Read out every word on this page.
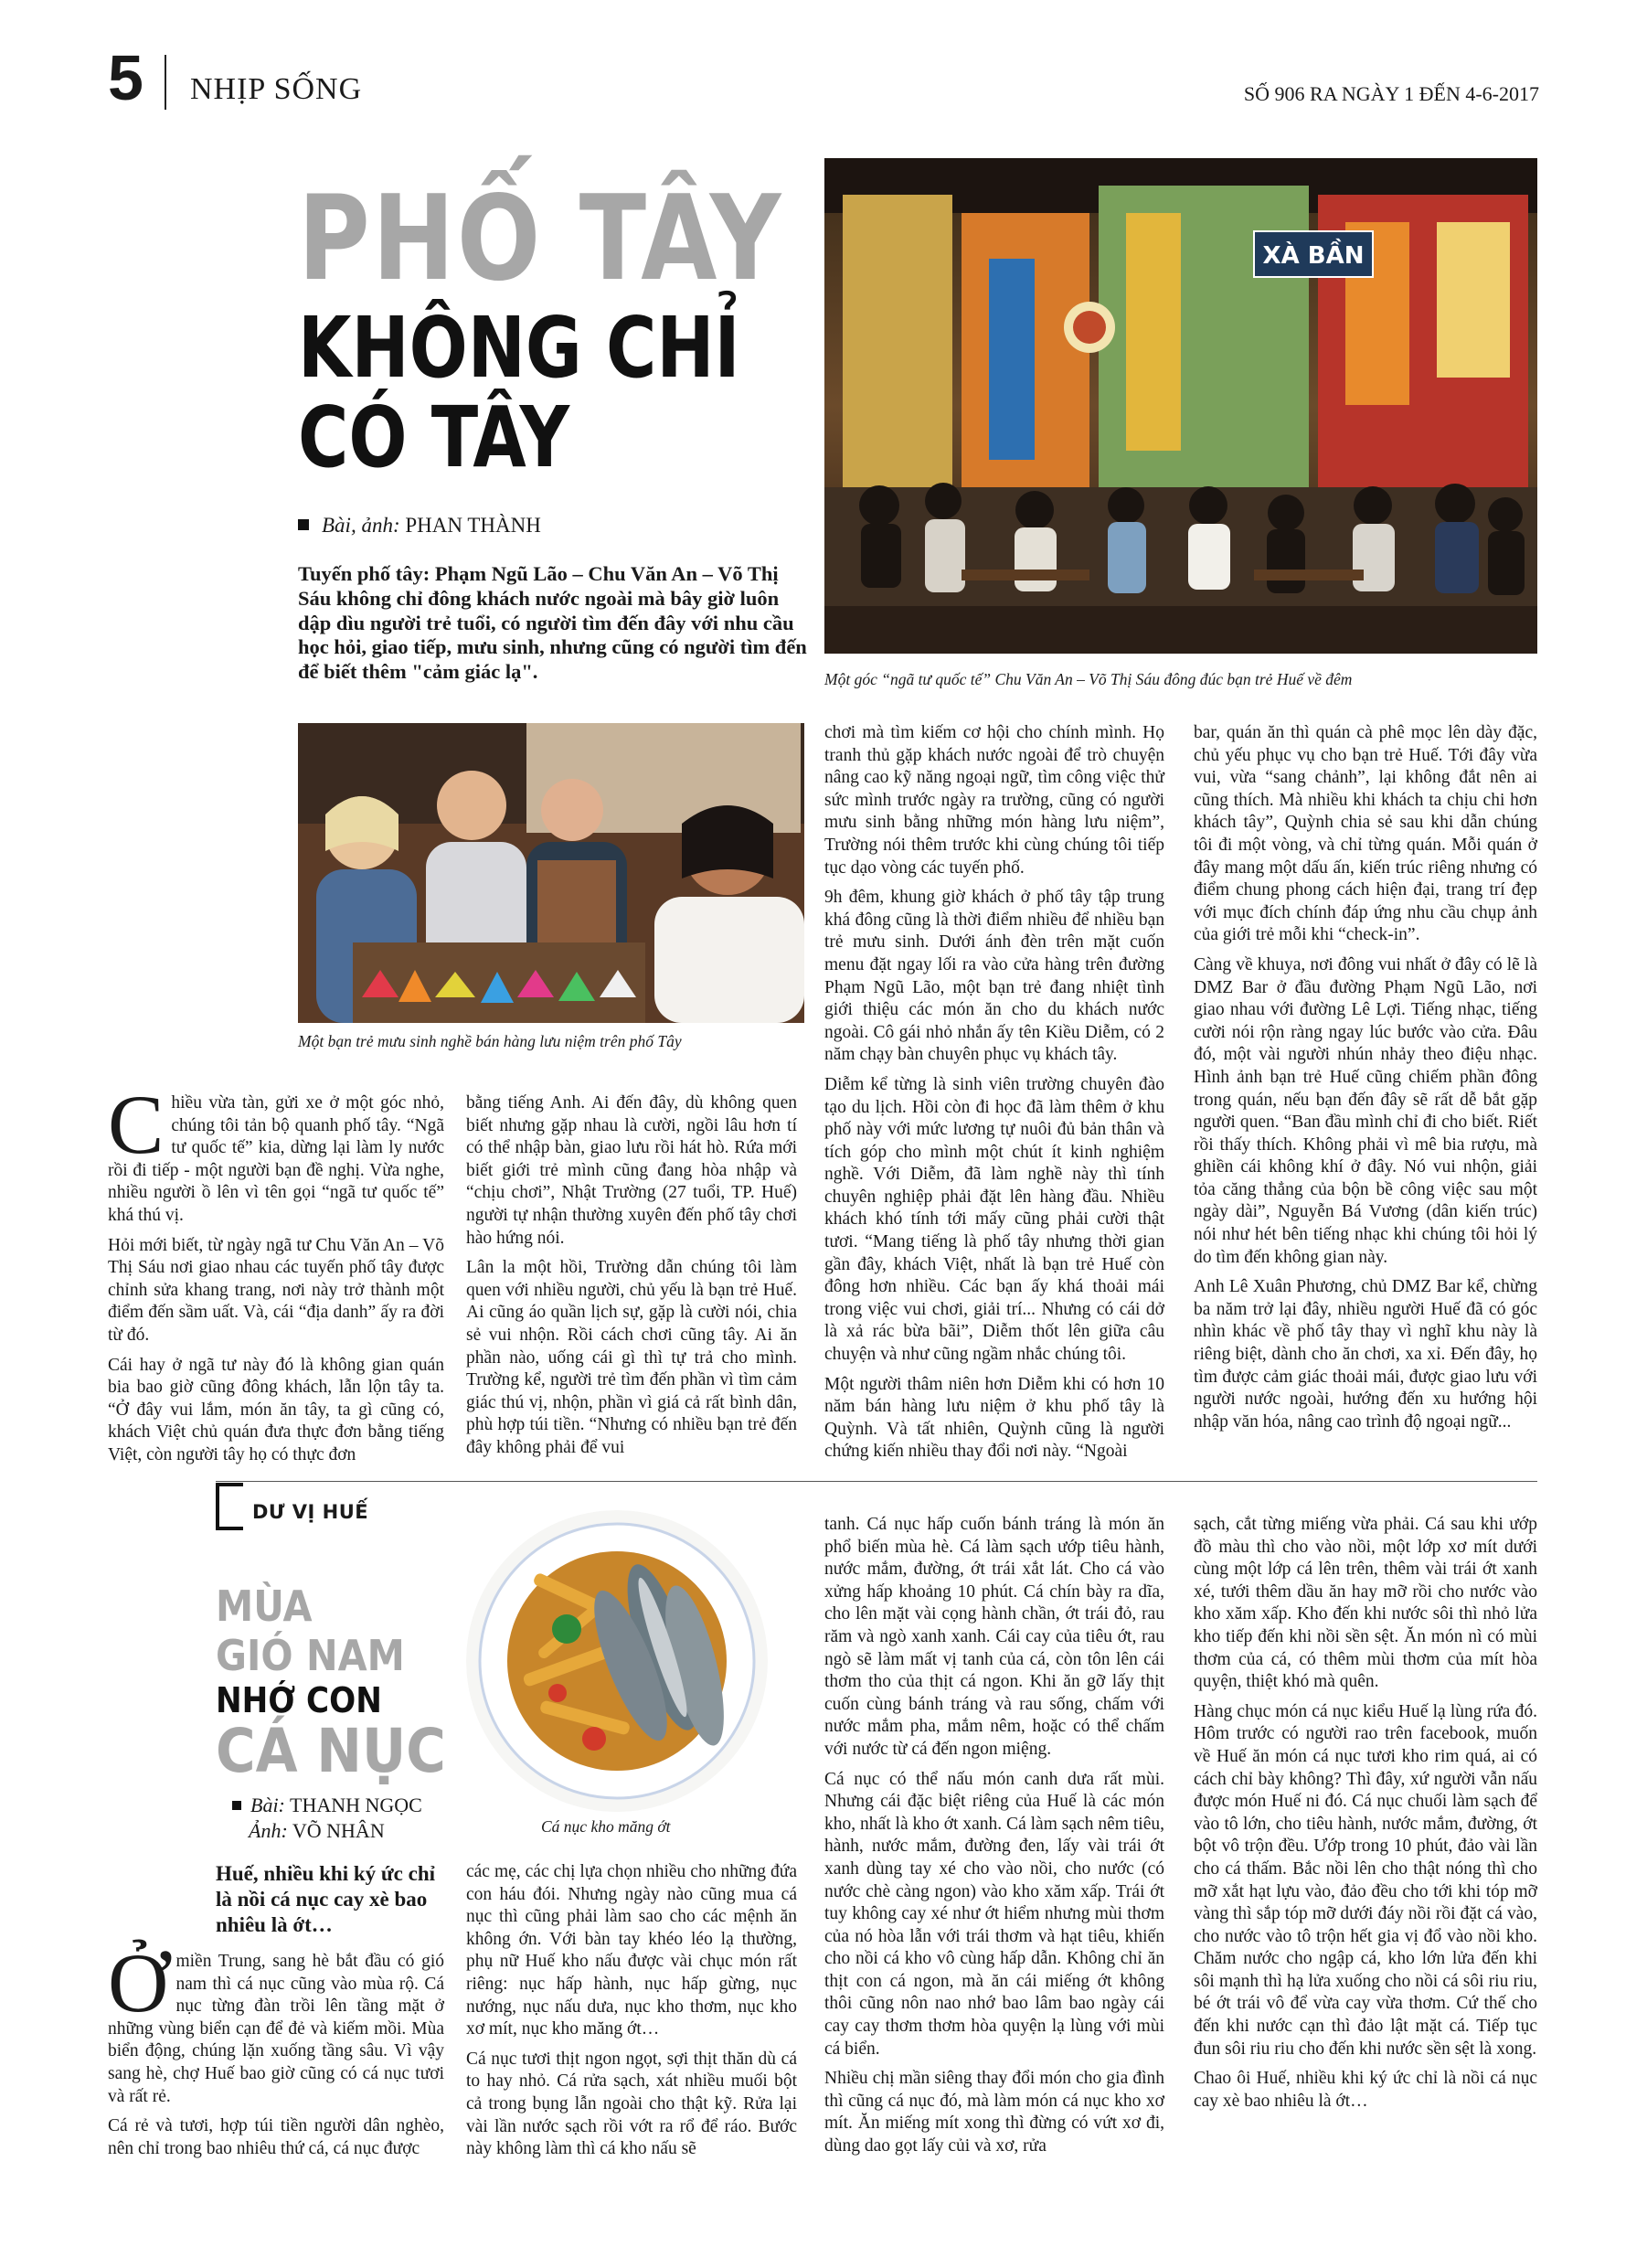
5 NHỊP SỐNG	SỐ 906 RA NGÀY 1 ĐẾN 4-6-2017
PHỐ TÂY
KHÔNG CHỈ
CÓ TÂY
Bài, ảnh: PHAN THÀNH
Tuyến phố tây: Phạm Ngũ Lão – Chu Văn An – Võ Thị Sáu không chỉ đông khách nước ngoài mà bây giờ luôn dập dìu người trẻ tuổi, có người tìm đến đây với nhu cầu học hỏi, giao tiếp, mưu sinh, nhưng cũng có người tìm đến để biết thêm "cảm giác lạ".
XÀ BẦN
Một góc “ngã tư quốc tế” Chu Văn An – Võ Thị Sáu đông đúc bạn trẻ Huế về đêm
Một bạn trẻ mưu sinh nghề bán hàng lưu niệm trên phố Tây

Chiều vừa tàn, gửi xe ở một góc nhỏ, chúng tôi tản bộ quanh phố tây. “Ngã tư quốc tế” kia, dừng lại làm ly nước rồi đi tiếp - một người bạn đề nghị. Vừa nghe, nhiều người ồ lên vì tên gọi “ngã tư quốc tế” khá thú vị.

Hỏi mới biết, từ ngày ngã tư Chu Văn An – Võ Thị Sáu nơi giao nhau các tuyến phố tây được chỉnh sửa khang trang, nơi này trở thành một điểm đến sầm uất. Và, cái “địa danh” ấy ra đời từ đó.

Cái hay ở ngã tư này đó là không gian quán bia bao giờ cũng đông khách, lẫn lộn tây ta. “Ở đây vui lắm, món ăn tây, ta gì cũng có, khách Việt chủ quán đưa thực đơn bằng tiếng Việt, còn người tây họ có thực đơn

bằng tiếng Anh. Ai đến đây, dù không quen biết nhưng gặp nhau là cười, ngồi lâu hơn tí có thể nhập bàn, giao lưu rồi hát hò. Rứa mới biết giới trẻ mình cũng đang hòa nhập và “chịu chơi”, Nhật Trường (27 tuổi, TP. Huế) người tự nhận thường xuyên đến phố tây chơi hào hứng nói.

Lân la một hồi, Trường dẫn chúng tôi làm quen với nhiều người, chủ yếu là bạn trẻ Huế. Ai cũng áo quần lịch sự, gặp là cười nói, chia sẻ vui nhộn. Rồi cách chơi cũng tây. Ai ăn phần nào, uống cái gì thì tự trả cho mình. Trường kể, người trẻ tìm đến phần vì tìm cảm giác thú vị, nhộn, phần vì giá cả rất bình dân, phù hợp túi tiền. “Nhưng có nhiều bạn trẻ đến đây không phải để vui

chơi mà tìm kiếm cơ hội cho chính mình. Họ tranh thủ gặp khách nước ngoài để trò chuyện nâng cao kỹ năng ngoại ngữ, tìm công việc thử sức mình trước ngày ra trường, cũng có người mưu sinh bằng những món hàng lưu niệm”, Trường nói thêm trước khi cùng chúng tôi tiếp tục dạo vòng các tuyến phố.

9h đêm, khung giờ khách ở phố tây tập trung khá đông cũng là thời điểm nhiều để nhiều bạn trẻ mưu sinh. Dưới ánh đèn trên mặt cuốn menu đặt ngay lối ra vào cửa hàng trên đường Phạm Ngũ Lão, một bạn trẻ đang nhiệt tình giới thiệu các món ăn cho du khách nước ngoài. Cô gái nhỏ nhắn ấy tên Kiều Diễm, có 2 năm chạy bàn chuyên phục vụ khách tây.

Diễm kể từng là sinh viên trường chuyên đào tạo du lịch. Hồi còn đi học đã làm thêm ở khu phố này với mức lương tự nuôi đủ bản thân và tích góp cho mình một chút ít kinh nghiệm nghề. Với Diễm, đã làm nghề này thì tính chuyên nghiệp phải đặt lên hàng đầu. Nhiều khách khó tính tới mấy cũng phải cười thật tươi. “Mang tiếng là phố tây nhưng thời gian gần đây, khách Việt, nhất là bạn trẻ Huế còn đông hơn nhiều. Các bạn ấy khá thoải mái trong việc vui chơi, giải trí... Nhưng có cái dở là xả rác bừa bãi”, Diễm thốt lên giữa câu chuyện và như cũng ngầm nhắc chúng tôi.

Một người thâm niên hơn Diễm khi có hơn 10 năm bán hàng lưu niệm ở khu phố tây là Quỳnh. Và tất nhiên, Quỳnh cũng là người chứng kiến nhiều thay đổi nơi này. “Ngoài

bar, quán ăn thì quán cà phê mọc lên dày đặc, chủ yếu phục vụ cho bạn trẻ Huế. Tới đây vừa vui, vừa “sang chảnh”, lại không đắt nên ai cũng thích. Mà nhiều khi khách ta chịu chi hơn khách tây”, Quỳnh chia sẻ sau khi dẫn chúng tôi đi một vòng, và chỉ từng quán. Mỗi quán ở đây mang một dấu ấn, kiến trúc riêng nhưng có điểm chung phong cách hiện đại, trang trí đẹp với mục đích chính đáp ứng nhu cầu chụp ảnh của giới trẻ mỗi khi “check-in”.

Càng về khuya, nơi đông vui nhất ở đây có lẽ là DMZ Bar ở đầu đường Phạm Ngũ Lão, nơi giao nhau với đường Lê Lợi. Tiếng nhạc, tiếng cười nói rộn ràng ngay lúc bước vào cửa. Đâu đó, một vài người nhún nhảy theo điệu nhạc. Hình ảnh bạn trẻ Huế cũng chiếm phần đông trong quán, nếu bạn đến đây sẽ rất dễ bắt gặp người quen. “Ban đầu mình chỉ đi cho biết. Riết rồi thấy thích. Không phải vì mê bia rượu, mà ghiền cái không khí ở đây. Nó vui nhộn, giải tỏa căng thẳng của bộn bề công việc sau một ngày dài”, Nguyễn Bá Vương (dân kiến trúc) nói như hét bên tiếng nhạc khi chúng tôi hỏi lý do tìm đến không gian này.

Anh Lê Xuân Phương, chủ DMZ Bar kể, chừng ba năm trở lại đây, nhiều người Huế đã có góc nhìn khác về phố tây thay vì nghĩ khu này là riêng biệt, dành cho ăn chơi, xa xỉ. Đến đây, họ tìm được cảm giác thoải mái, được giao lưu với người nước ngoài, hướng đến xu hướng hội nhập văn hóa, nâng cao trình độ ngoại ngữ...

DƯ VỊ HUẾ
MÙA
GIÓ NAM
NHỚ CON
CÁ NỤC
Bài: THANH NGỌC
Ảnh: VÕ NHÂN
Huế, nhiều khi ký ức chỉ là nồi cá nục cay xè bao nhiêu là ớt…
Cá nục kho măng ớt

Ởmiền Trung, sang hè bắt đầu có gió nam thì cá nục cũng vào mùa rộ. Cá nục từng đàn trồi lên tầng mặt ở những vùng biển cạn để đẻ và kiếm mồi. Mùa biển động, chúng lặn xuống tầng sâu. Vì vậy sang hè, chợ Huế bao giờ cũng có cá nục tươi và rất rẻ.

Cá rẻ và tươi, hợp túi tiền người dân nghèo, nên chỉ trong bao nhiêu thứ cá, cá nục được

các mẹ, các chị lựa chọn nhiều cho những đứa con háu đói. Nhưng ngày nào cũng mua cá nục thì cũng phải làm sao cho các mệnh ăn không ớn. Với bàn tay khéo léo lạ thường, phụ nữ Huế kho nấu được vài chục món rất riêng: nục hấp hành, nục hấp gừng, nục nướng, nục nấu dưa, nục kho thơm, nục kho xơ mít, nục kho măng ớt…

Cá nục tươi thịt ngon ngọt, sợi thịt thăn dù cá to hay nhỏ. Cá rửa sạch, xát nhiều muối bột cả trong bụng lẫn ngoài cho thật kỹ. Rửa lại vài lần nước sạch rồi vớt ra rổ để ráo. Bước này không làm thì cá kho nấu sẽ

tanh. Cá nục hấp cuốn bánh tráng là món ăn phổ biến mùa hè. Cá làm sạch ướp tiêu hành, nước mắm, đường, ớt trái xắt lát. Cho cá vào xửng hấp khoảng 10 phút. Cá chín bày ra dĩa, cho lên mặt vài cọng hành chần, ớt trái đỏ, rau răm và ngò xanh xanh. Cái cay của tiêu ớt, rau ngò sẽ làm mất vị tanh của cá, còn tôn lên cái thơm tho của thịt cá ngon. Khi ăn gỡ lấy thịt cuốn cùng bánh tráng và rau sống, chấm với nước mắm pha, mắm nêm, hoặc có thể chấm với nước từ cá đến ngon miệng.

Cá nục có thể nấu món canh dưa rất mùi. Nhưng cái đặc biệt riêng của Huế là các món kho, nhất là kho ớt xanh. Cá làm sạch nêm tiêu, hành, nước mắm, đường đen, lấy vài trái ớt xanh dùng tay xé cho vào nồi, cho nước (có nước chè càng ngon) vào kho xăm xấp. Trái ớt tuy không cay xé như ớt hiểm nhưng mùi thơm của nó hòa lẫn với trái thơm và hạt tiêu, khiến cho nồi cá kho vô cùng hấp dẫn. Không chỉ ăn thịt con cá ngon, mà ăn cái miếng ớt không thôi cũng nôn nao nhớ bao lâm bao ngày cái cay cay thơm thơm hòa quyện lạ lùng với mùi cá biển.

Nhiều chị mần siêng thay đổi món cho gia đình thì cũng cá nục đó, mà làm món cá nục kho xơ mít. Ăn miếng mít xong thì đừng có vứt xơ đi, dùng dao gọt lấy củi và xơ, rửa

sạch, cắt từng miếng vừa phải. Cá sau khi ướp đồ màu thì cho vào nồi, một lớp xơ mít dưới cùng một lớp cá lên trên, thêm vài trái ớt xanh xé, tưới thêm dầu ăn hay mỡ rồi cho nước vào kho xăm xấp. Kho đến khi nước sôi thì nhỏ lửa kho tiếp đến khi nồi sền sệt. Ăn món nì có mùi thơm của cá, có thêm mùi thơm của mít hòa quyện, thiệt khó mà quên.

Hàng chục món cá nục kiểu Huế lạ lùng rứa đó. Hôm trước có người rao trên facebook, muốn về Huế ăn món cá nục tươi kho rim quá, ai có cách chỉ bày không? Thì đây, xứ người vẫn nấu được món Huế ni đó. Cá nục chuối làm sạch để vào tô lớn, cho tiêu hành, nước mắm, đường, ớt bột vô trộn đều. Ướp trong 10 phút, đảo vài lần cho cá thấm. Bắc nồi lên cho thật nóng thì cho mỡ xắt hạt lựu vào, đảo đều cho tới khi tóp mỡ vàng thì sắp tóp mỡ dưới đáy nồi rồi đặt cá vào, cho nước vào tô trộn hết gia vị đổ vào nồi kho. Chăm nước cho ngập cá, kho lớn lửa đến khi sôi mạnh thì hạ lửa xuống cho nồi cá sôi riu riu, bé ớt trái vô để vừa cay vừa thơm. Cứ thế cho đến khi nước cạn thì đảo lật mặt cá. Tiếp tục đun sôi riu riu cho đến khi nước sền sệt là xong.

Chao ôi Huế, nhiều khi ký ức chỉ là nồi cá nục cay xè bao nhiêu là ớt…
